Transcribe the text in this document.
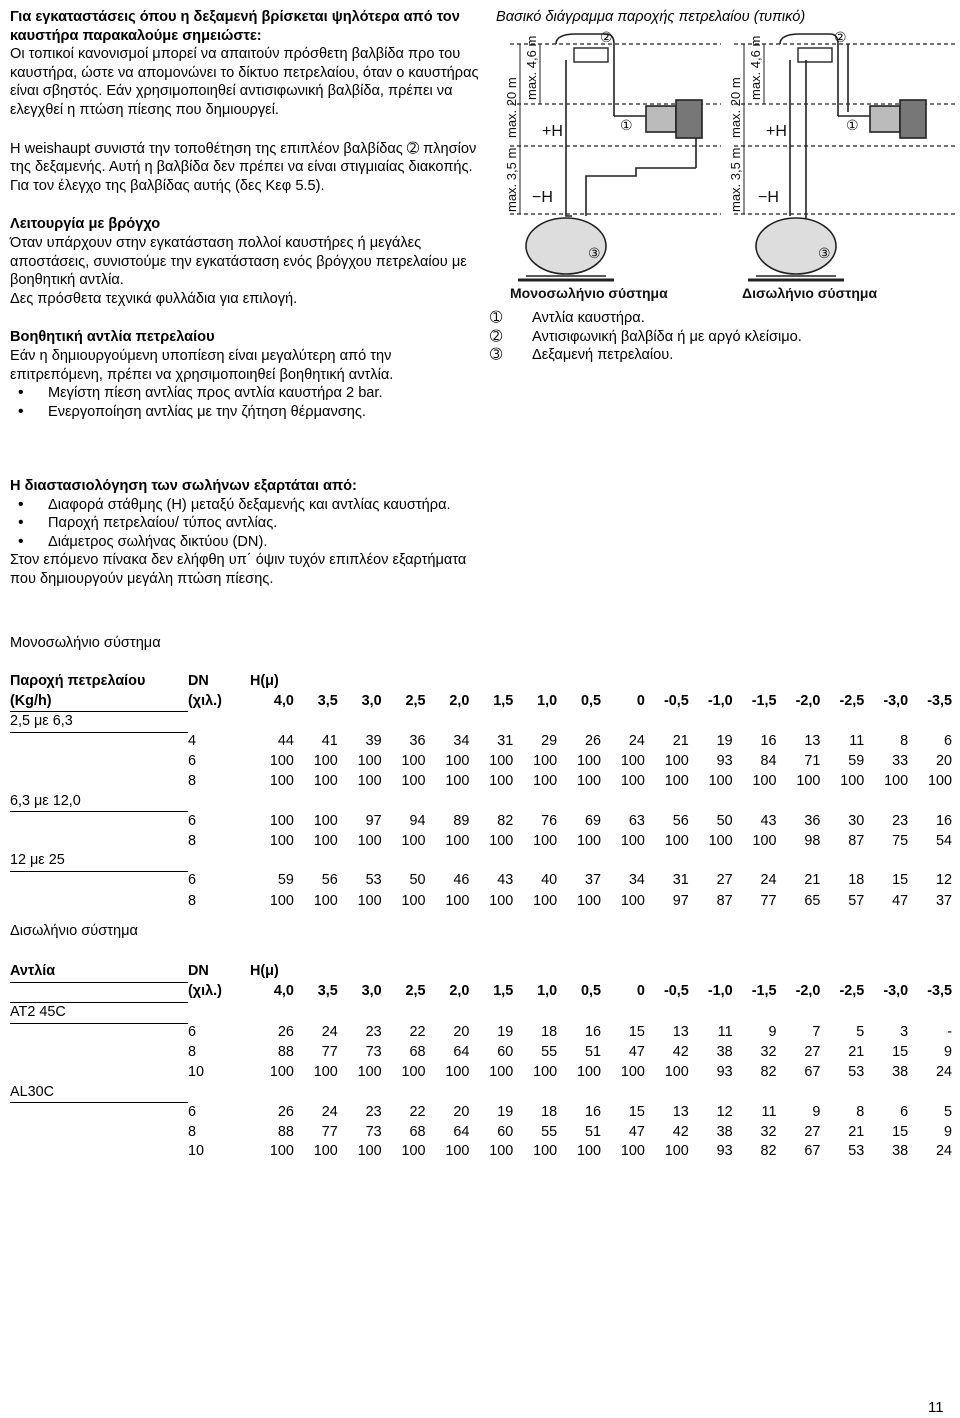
Για εγκαταστάσεις όπου η δεξαμενή βρίσκεται ψηλότερα από τον καυστήρα παρακαλούμε σημειώστε:

Οι τοπικοί κανονισμοί μπορεί να απαιτούν πρόσθετη βαλβίδα προ του καυστήρα, ώστε να απομονώνει το δίκτυο πετρελαίου, όταν ο καυστήρας είναι σβηστός. Εάν χρησιμοποιηθεί αντισιφωνική βαλβίδα, πρέπει να ελεγχθεί η πτώση πίεσης που δημιουργεί.

Η weishaupt συνιστά την τοποθέτηση της επιπλέον βαλβίδας ➁ πλησίον της δεξαμενής. Αυτή η βαλβίδα δεν πρέπει να είναι στιγμιαίας διακοπής. Για τον έλεγχο της βαλβίδας αυτής (δες Κεφ 5.5).

Λειτουργία με βρόγχο

Όταν υπάρχουν στην εγκατάσταση πολλοί καυστήρες ή μεγάλες αποστάσεις, συνιστούμε την εγκατάσταση ενός βρόγχου πετρελαίου με βοηθητική αντλία.

Δες πρόσθετα τεχνικά φυλλάδια για επιλογή.

Βοηθητική αντλία πετρελαίου

Εάν η δημιουργούμενη υποπίεση είναι μεγαλύτερη από την επιτρεπόμενη, πρέπει να χρησιμοποιηθεί βοηθητική αντλία.

• Μεγίστη πίεση αντλίας προς αντλία καυστήρα 2 bar.

• Ενεργοποίηση αντλίας με την ζήτηση θέρμανσης.

Βασικό διάγραμμα παροχής πετρελαίου (τυπικό)
max. 20 m
max. 4,6 m
max. 3,5 m
+H
−H
②
①
③
Μονοσωλήνιο σύστημα
max. 20 m
max. 4,6 m
max. 3,5 m
+H
−H
②
①
③
Δισωλήνιο σύστημα

➀ Αντλία καυστήρα.

➁ Αντισιφωνική βαλβίδα ή με αργό κλείσιμο.

➂ Δεξαμενή πετρελαίου.

Η διαστασιολόγηση των σωλήνων εξαρτάται από:

• Διαφορά στάθμης (Η) μεταξύ δεξαμενής και αντλίας καυστήρα.

• Παροχή πετρελαίου/ τύπος αντλίας.

• Διάμετρος σωλήνας δικτύου (DN).

Στον επόμενο πίνακα δεν ελήφθη υπ΄ όψιν τυχόν επιπλέον εξαρτήματα που δημιουργούν μεγάλη πτώση πίεσης.

Μονοσωλήνιο σύστημα
Δισωλήνιο σύστημα
Παροχή πετρελαίου	DN	Η(μ)															
(Kg/h)	(χιλ.)	4,0	3,5	3,0	2,5	2,0	1,5	1,0	0,5	0	-0,5	-1,0	-1,5	-2,0	-2,5	-3,0	-3,5
2,5 με 6,3																	
	4	44	41	39	36	34	31	29	26	24	21	19	16	13	11	8	6
	6	100	100	100	100	100	100	100	100	100	100	93	84	71	59	33	20
	8	100	100	100	100	100	100	100	100	100	100	100	100	100	100	100	100
6,3 με 12,0																	
	6	100	100	97	94	89	82	76	69	63	56	50	43	36	30	23	16
	8	100	100	100	100	100	100	100	100	100	100	100	100	98	87	75	54
12 με 25																	
	6	59	56	53	50	46	43	40	37	34	31	27	24	21	18	15	12
	8	100	100	100	100	100	100	100	100	100	97	87	77	65	57	47	37
Αντλία	DN	Η(μ)															
	(χιλ.)	4,0	3,5	3,0	2,5	2,0	1,5	1,0	0,5	0	-0,5	-1,0	-1,5	-2,0	-2,5	-3,0	-3,5
AT2 45C																	
	6	26	24	23	22	20	19	18	16	15	13	11	9	7	5	3	-
	8	88	77	73	68	64	60	55	51	47	42	38	32	27	21	15	9
	10	100	100	100	100	100	100	100	100	100	100	93	82	67	53	38	24
AL30C																	
	6	26	24	23	22	20	19	18	16	15	13	12	11	9	8	6	5
	8	88	77	73	68	64	60	55	51	47	42	38	32	27	21	15	9
	10	100	100	100	100	100	100	100	100	100	100	93	82	67	53	38	24
11
